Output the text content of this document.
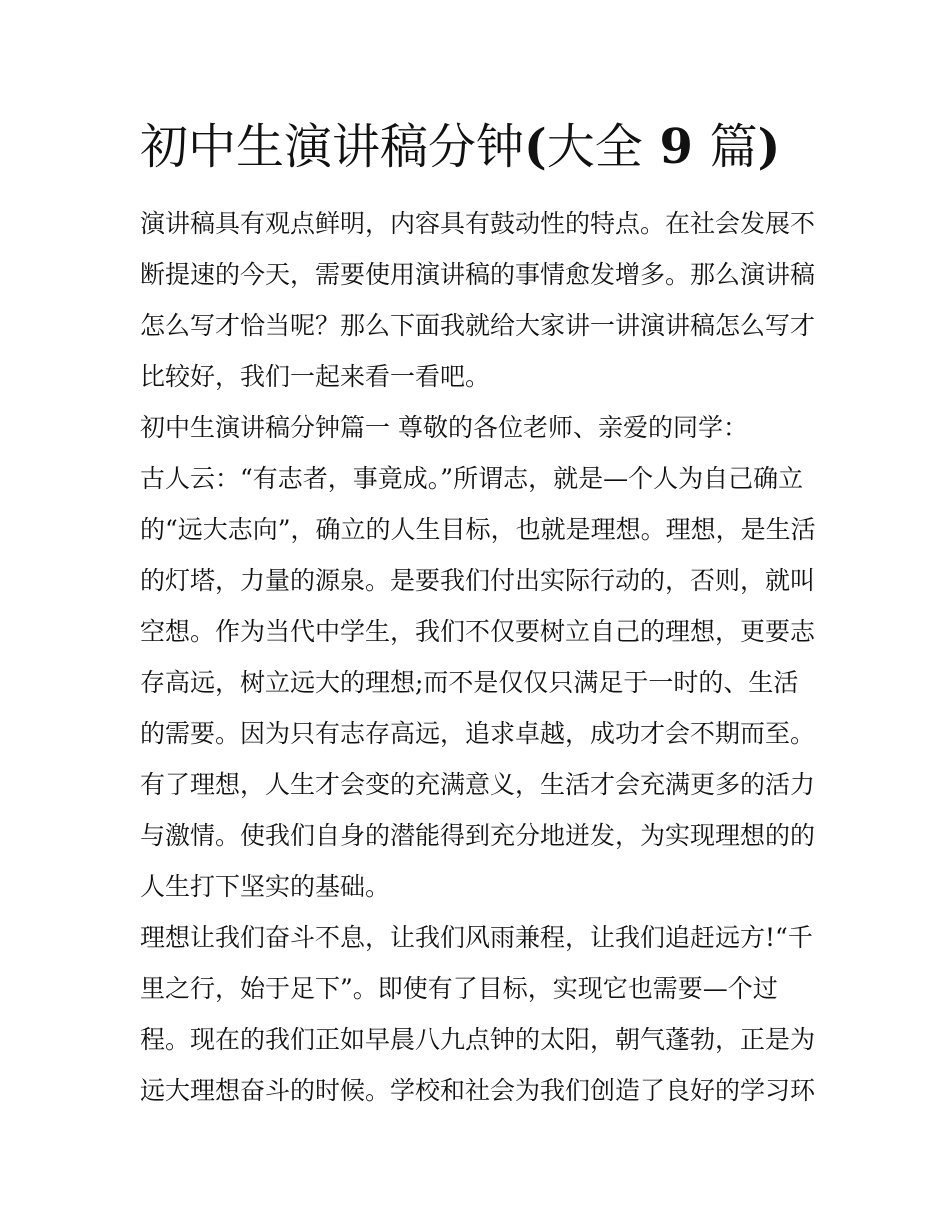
初中生演讲稿分钟(大全 9 篇)
演讲稿具有观点鲜明，内容具有鼓动性的特点。在社会发展不
断提速的今天，需要使用演讲稿的事情愈发增多。那么演讲稿
怎么写才恰当呢？那么下面我就给大家讲一讲演讲稿怎么写才
比较好，我们一起来看一看吧。
初中生演讲稿分钟篇一 尊敬的各位老师、亲爱的同学：
古人云：“有志者，事竟成。”所谓志，就是—个人为自己确立
的“远大志向”，确立的人生目标，也就是理想。理想，是生活
的灯塔，力量的源泉。是要我们付出实际行动的，否则，就叫
空想。作为当代中学生，我们不仅要树立自己的理想，更要志
存高远，树立远大的理想;而不是仅仅只满足于一时的、生活
的需要。因为只有志存高远，追求卓越，成功才会不期而至。
有了理想，人生才会变的充满意义，生活才会充满更多的活力
与激情。使我们自身的潜能得到充分地迸发，为实现理想的的
人生打下坚实的基础。
理想让我们奋斗不息，让我们风雨兼程，让我们追赶远方!“千
里之行，始于足下”。即使有了目标，实现它也需要—个过
程。现在的我们正如早晨八九点钟的太阳，朝气蓬勃，正是为
远大理想奋斗的时候。学校和社会为我们创造了良好的学习环
